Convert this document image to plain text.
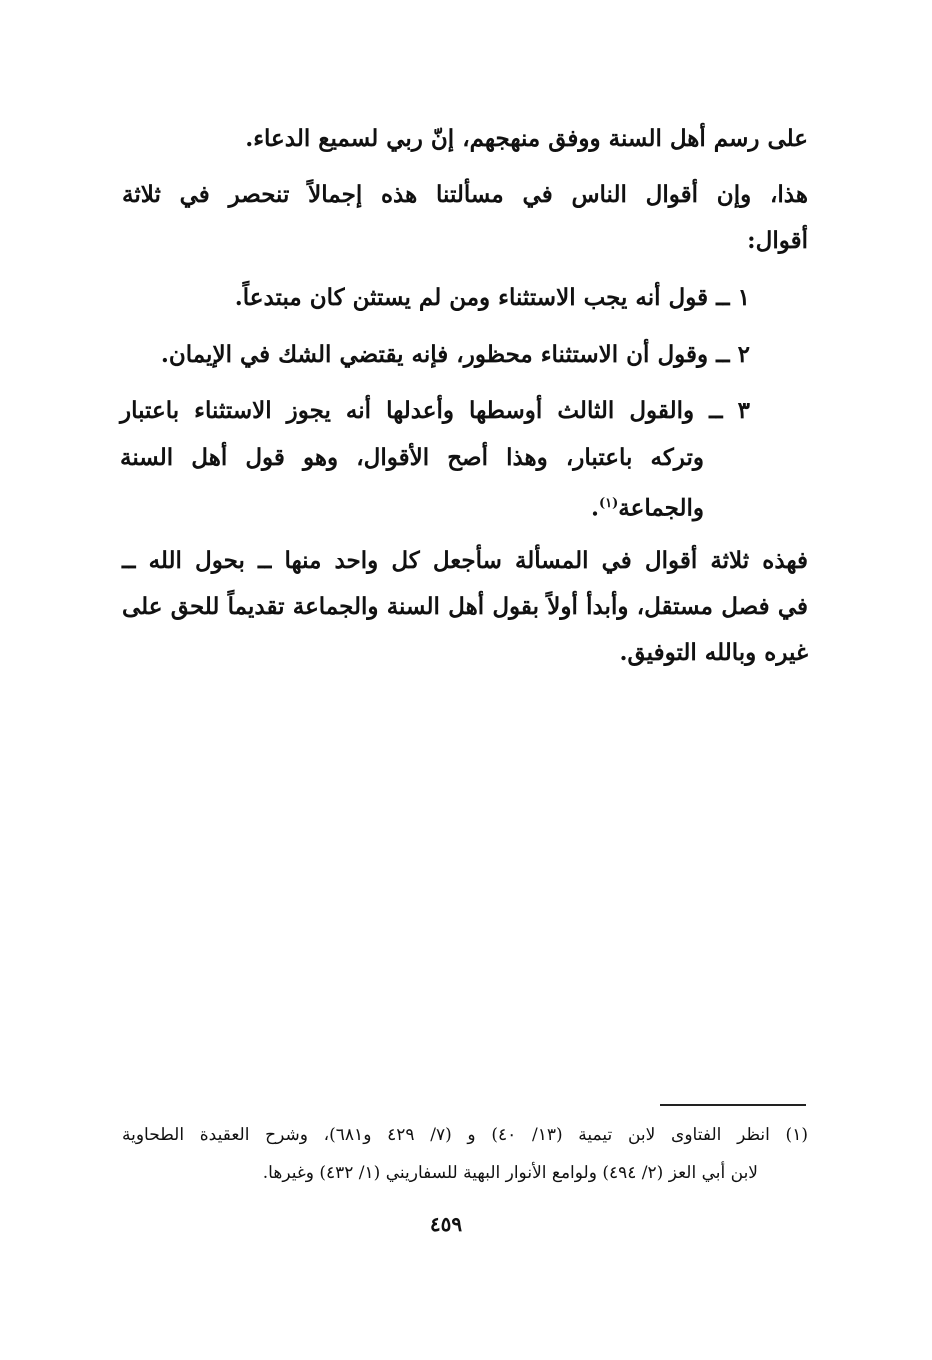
على رسم أهل السنة ووفق منهجهم، إنّ ربي لسميع الدعاء.
هذا، وإن أقوال الناس في مسألتنا هذه إجمالاً تنحصر في ثلاثة
أقوال:
١ ــ قول أنه يجب الاستثناء ومن لم يستثن كان مبتدعاً.
٢ ــ وقول أن الاستثناء محظور، فإنه يقتضي الشك في الإيمان.
٣ ــ والقول الثالث أوسطها وأعدلها أنه يجوز الاستثناء باعتبار
وتركه باعتبار، وهذا أصح الأقوال، وهو قول أهل السنة
والجماعة$^{(١)}$.
فهذه ثلاثة أقوال في المسألة سأجعل كل واحد منها ــ بحول الله ــ
في فصل مستقل، وأبدأ أولاً بقول أهل السنة والجماعة تقديماً للحق على
غيره وبالله التوفيق.
(١) انظر الفتاوى لابن تيمية (١٣/ ٤٠) و (٧/ ٤٢٩ و٦٨١)، وشرح العقيدة الطحاوية
لابن أبي العز (٢/ ٤٩٤) ولوامع الأنوار البهية للسفاريني (١/ ٤٣٢) وغيرها.
٤٥٩
